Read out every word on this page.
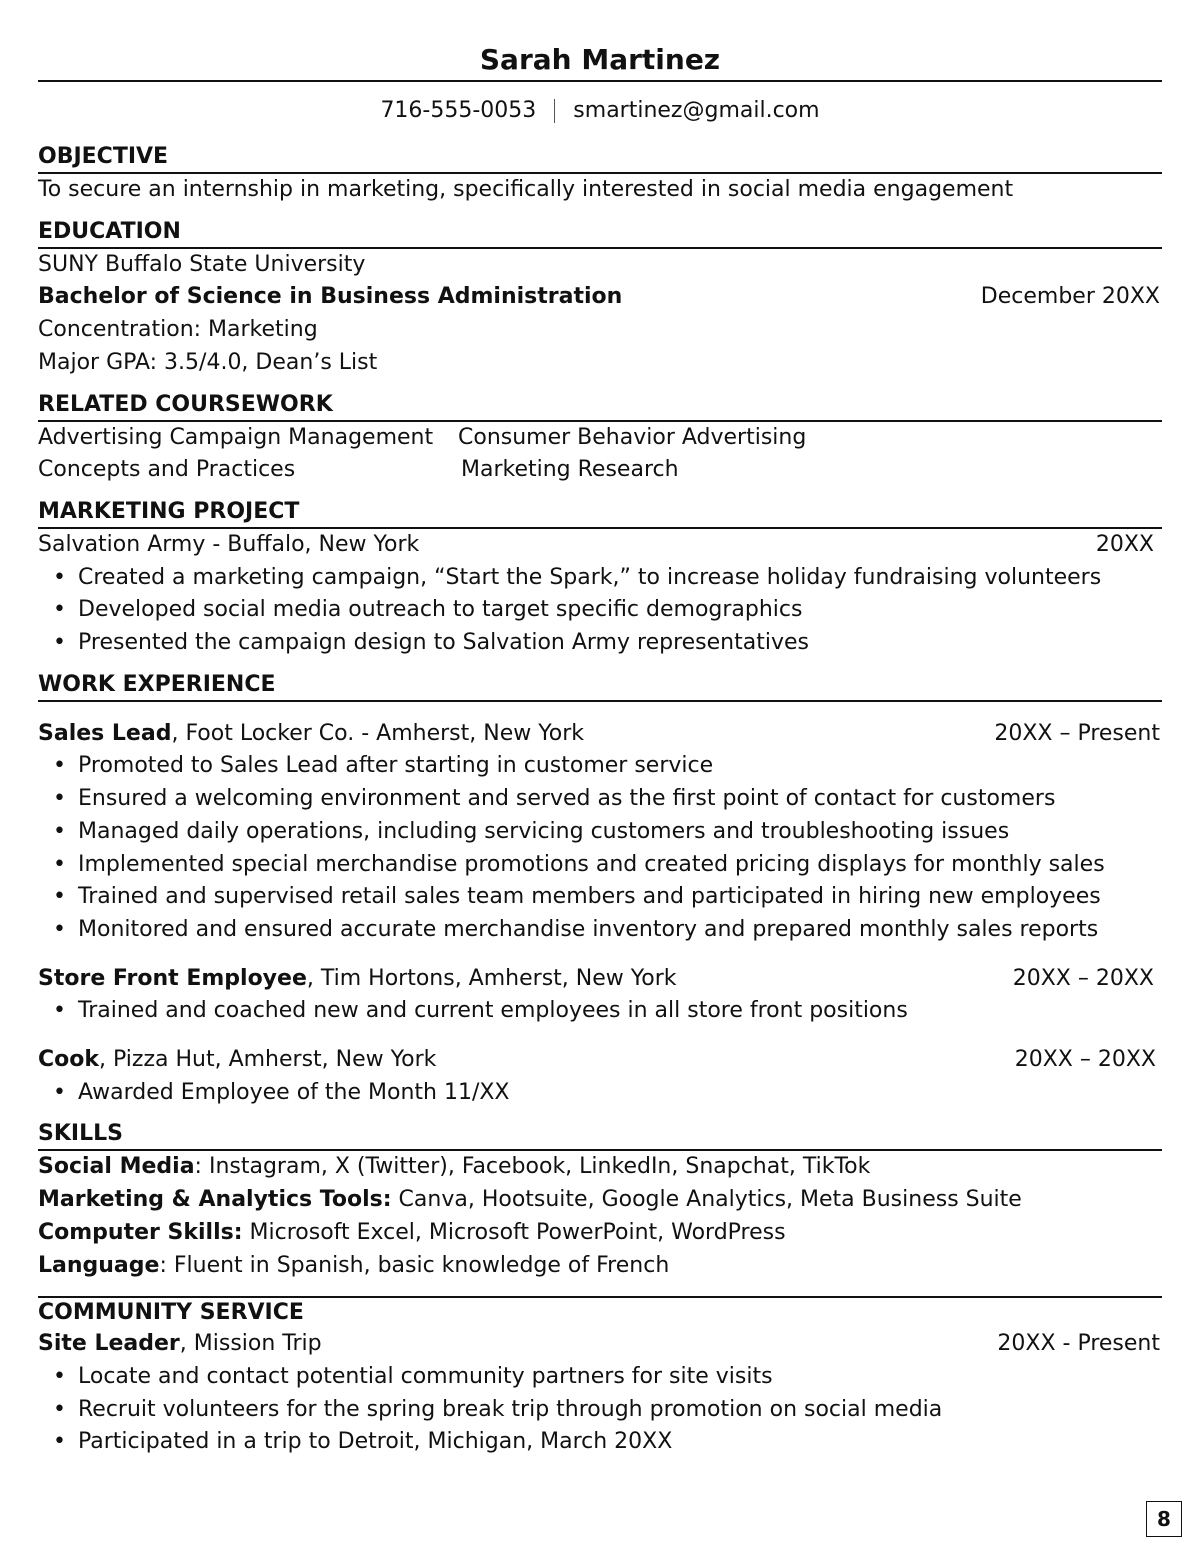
Sarah Martinez
716-555-0053 smartinez@gmail.com
OBJECTIVE
To secure an internship in marketing, specifically interested in social media engagement
EDUCATION
SUNY Buffalo State University
Bachelor of Science in Business Administration	December 20XX
Concentration: Marketing
Major GPA: 3.5/4.0, Dean’s List
RELATED COURSEWORK
Advertising Campaign Management	Consumer Behavior Advertising
Concepts and Practices	Marketing Research
MARKETING PROJECT
Salvation Army - Buffalo, New York	20XX
• Created a marketing campaign, “Start the Spark,” to increase holiday fundraising volunteers
• Developed social media outreach to target specific demographics
• Presented the campaign design to Salvation Army representatives
WORK EXPERIENCE
Sales Lead, Foot Locker Co. - Amherst, New York	20XX – Present
• Promoted to Sales Lead after starting in customer service
• Ensured a welcoming environment and served as the first point of contact for customers
• Managed daily operations, including servicing customers and troubleshooting issues
• Implemented special merchandise promotions and created pricing displays for monthly sales
• Trained and supervised retail sales team members and participated in hiring new employees
• Monitored and ensured accurate merchandise inventory and prepared monthly sales reports
Store Front Employee, Tim Hortons, Amherst, New York	20XX – 20XX
• Trained and coached new and current employees in all store front positions
Cook, Pizza Hut, Amherst, New York	20XX – 20XX
• Awarded Employee of the Month 11/XX
SKILLS
Social Media: Instagram, X (Twitter), Facebook, LinkedIn, Snapchat, TikTok
Marketing & Analytics Tools: Canva, Hootsuite, Google Analytics, Meta Business Suite
Computer Skills: Microsoft Excel, Microsoft PowerPoint, WordPress
Language: Fluent in Spanish, basic knowledge of French
COMMUNITY SERVICE
Site Leader, Mission Trip	20XX - Present
• Locate and contact potential community partners for site visits
• Recruit volunteers for the spring break trip through promotion on social media
• Participated in a trip to Detroit, Michigan, March 20XX
8
